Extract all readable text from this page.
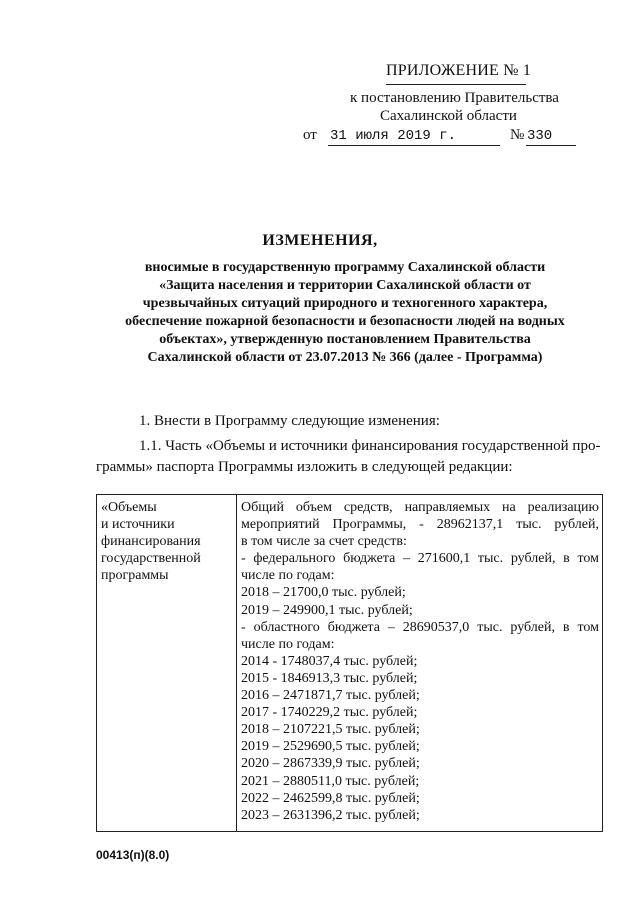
ПРИЛОЖЕНИЕ № 1
к постановлению Правительства
Сахалинской области
от 31 июля 2019 г.	№ 330
ИЗМЕНЕНИЯ,
вносимые в государственную программу Сахалинской области
«Защита населения и территории Сахалинской области от
чрезвычайных ситуаций природного и техногенного характера,
обеспечение пожарной безопасности и безопасности людей на водных
объектах», утвержденную постановлением Правительства
Сахалинской области от 23.07.2013 № 366 (далее - Программа)
1. Внести в Программу следующие изменения:
1.1. Часть «Объемы и источники финансирования государственной про-
граммы» паспорта Программы изложить в следующей редакции:
«Объемы
и источники
финансирования
государственной
программы
Общий объем средств, направляемых на реализацию
мероприятий Программы, - 28962137,1 тыс. рублей,
в том числе за счет средств:
- федерального бюджета – 271600,1 тыс. рублей, в том
числе по годам:
2018 – 21700,0 тыс. рублей;
2019 – 249900,1 тыс. рублей;
- областного бюджета – 28690537,0 тыс. рублей, в том
числе по годам:
2014 - 1748037,4 тыс. рублей;
2015 - 1846913,3 тыс. рублей;
2016 – 2471871,7 тыс. рублей;
2017 - 1740229,2 тыс. рублей;
2018 – 2107221,5 тыс. рублей;
2019 – 2529690,5 тыс. рублей;
2020 – 2867339,9 тыс. рублей;
2021 – 2880511,0 тыс. рублей;
2022 – 2462599,8 тыс. рублей;
2023 – 2631396,2 тыс. рублей;
00413(п)(8.0)
